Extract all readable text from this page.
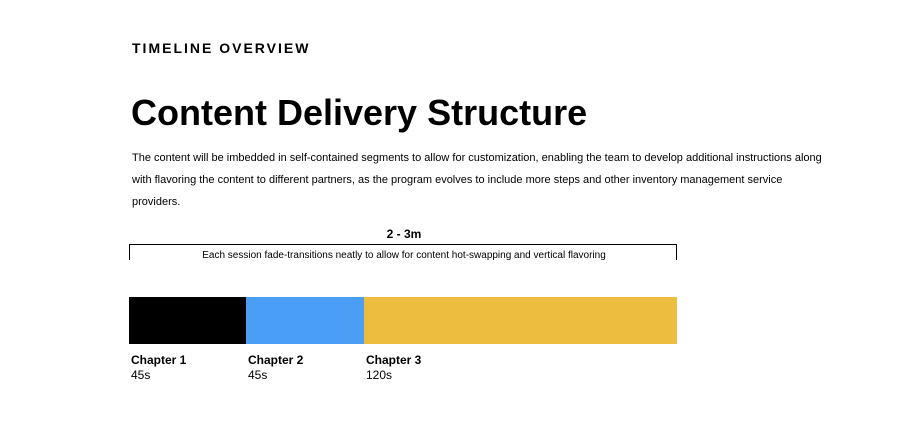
TIMELINE OVERVIEW
Content Delivery Structure

The content will be imbedded in self-contained segments to allow for customization, enabling the team to develop additional instructions along with flavoring the content to different partners, as the program evolves to include more steps and other inventory management service providers.

2 - 3m
Each session fade-transitions neatly to allow for content hot-swapping and vertical flavoring
Chapter 1
45s
Chapter 2
45s
Chapter 3
120s
